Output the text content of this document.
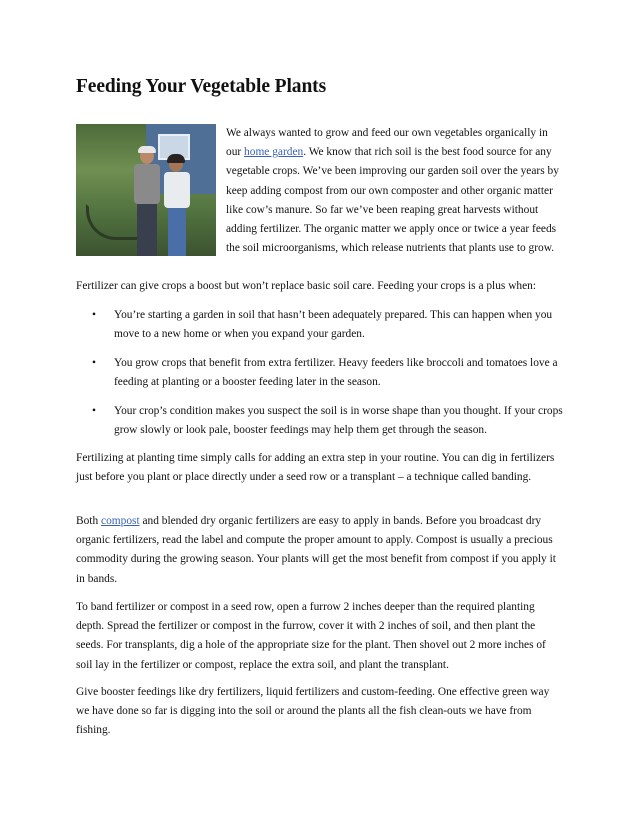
Feeding Your Vegetable Plants

We always wanted to grow and feed our own vegetables organically in our home garden. We know that rich soil is the best food source for any vegetable crops. We’ve been improving our garden soil over the years by keep adding compost from our own composter and other organic matter like cow’s manure. So far we’ve been reaping great harvests without adding fertilizer. The organic matter we apply once or twice a year feeds the soil microorganisms, which release nutrients that plants use to grow.

Fertilizer can give crops a boost but won’t replace basic soil care. Feeding your crops is a plus when:

• You’re starting a garden in soil that hasn’t been adequately prepared. This can happen when you move to a new home or when you expand your garden.
• You grow crops that benefit from extra fertilizer. Heavy feeders like broccoli and tomatoes love a feeding at planting or a booster feeding later in the season.
• Your crop’s condition makes you suspect the soil is in worse shape than you thought. If your crops grow slowly or look pale, booster feedings may help them get through the season.

Fertilizing at planting time simply calls for adding an extra step in your routine. You can dig in fertilizers just before you plant or place directly under a seed row or a transplant – a technique called banding.

Both compost and blended dry organic fertilizers are easy to apply in bands. Before you broadcast dry organic fertilizers, read the label and compute the proper amount to apply. Compost is usually a precious commodity during the growing season. Your plants will get the most benefit from compost if you apply it in bands.

To band fertilizer or compost in a seed row, open a furrow 2 inches deeper than the required planting depth. Spread the fertilizer or compost in the furrow, cover it with 2 inches of soil, and then plant the seeds. For transplants, dig a hole of the appropriate size for the plant. Then shovel out 2 more inches of soil lay in the fertilizer or compost, replace the extra soil, and plant the transplant.

Give booster feedings like dry fertilizers, liquid fertilizers and custom-feeding. One effective green way we have done so far is digging into the soil or around the plants all the fish clean-outs we have from fishing.
